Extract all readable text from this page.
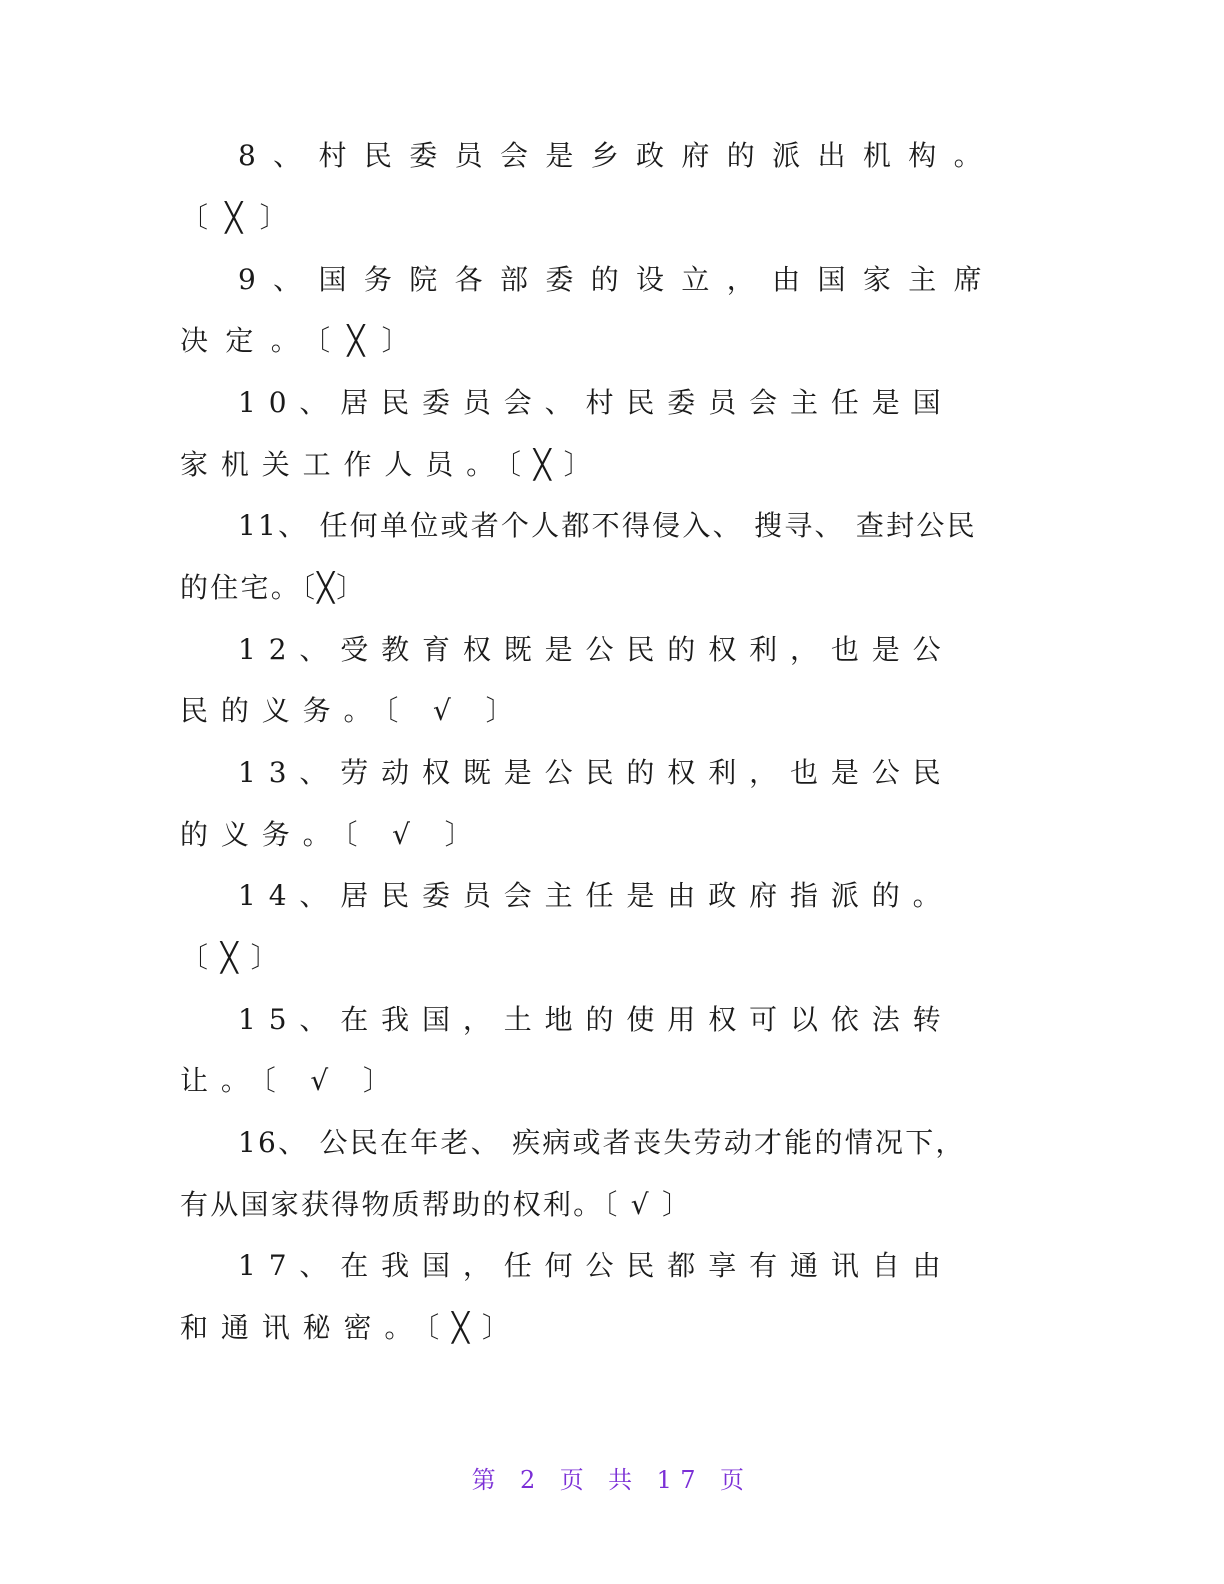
8、村民委员会是乡政府的派出机构。
〔╳〕
9、国务院各部委的设立，由国家主席
决定。〔╳〕
10、居民委员会、村民委员会主任是国
家机关工作人员。〔╳〕
11、 任何单位或者个人都不得侵入、 搜寻、 查封公民
的住宅。〔╳〕
12、受教育权既是公民的权利，也是公
民的义务。〔 √ 〕
13、劳动权既是公民的权利，也是公民
的义务。〔 √ 〕
14、居民委员会主任是由政府指派的。
〔╳〕
15、在我国，土地的使用权可以依法转
让。〔 √ 〕
16、 公民在年老、 疾病或者丧失劳动才能的情况下，
有从国家获得物质帮助的权利。〔 √ 〕
17、在我国，任何公民都享有通讯自由
和通讯秘密。〔╳〕
第 2 页 共 17 页
